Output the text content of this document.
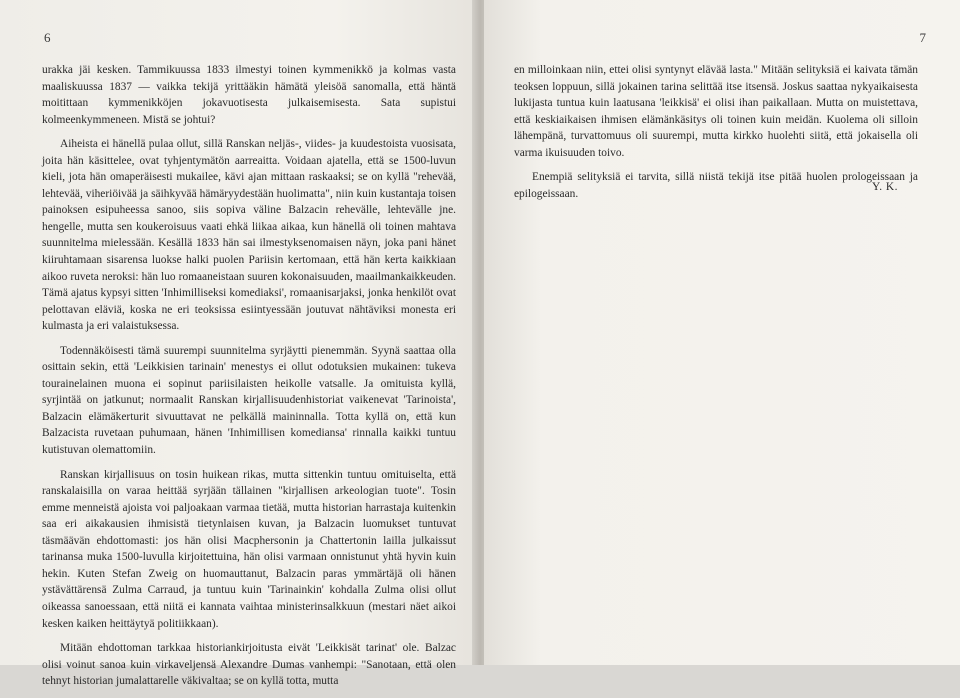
6

urakka jäi kesken. Tammikuussa 1833 ilmestyi toinen kymmenikkö ja kolmas vasta maaliskuussa 1837 — vaikka tekijä yrittääkin hämätä yleisöä sanomalla, että häntä moitittaan kymmenikköjen jokavuotisesta julkaisemisesta. Sata supistui kolmeenkymmeneen. Mistä se johtui?

Aiheista ei hänellä pulaa ollut, sillä Ranskan neljäs-, viides- ja kuudestoista vuosisata, joita hän käsittelee, ovat tyhjentymätön aarreaitta. Voidaan ajatella, että se 1500-luvun kieli, jota hän omaperäisesti mukailee, kävi ajan mittaan raskaaksi; se on kyllä "rehevää, lehtevää, viheriöivää ja säihkyvää hämäryydestään huolimatta", niin kuin kustantaja toisen painoksen esipuheessa sanoo, siis sopiva väline Balzacin rehevälle, lehtevälle jne. hengelle, mutta sen koukeroisuus vaati ehkä liikaa aikaa, kun hänellä oli toinen mahtava suunnitelma mielessään. Kesällä 1833 hän sai ilmestyksenomaisen näyn, joka pani hänet kiiruhtamaan sisarensa luokse halki puolen Pariisin kertomaan, että hän kerta kaikkiaan aikoo ruveta neroksi: hän luo romaaneistaan suuren kokonaisuuden, maailmankaikkeuden. Tämä ajatus kypsyi sitten 'Inhimilliseksi komediaksi', romaanisarjaksi, jonka henkilöt ovat pelottavan eläviä, koska ne eri teoksissa esiintyessään joutuvat nähtäviksi monesta eri kulmasta ja eri valaistuksessa.

Todennäköisesti tämä suurempi suunnitelma syrjäytti pienemmän. Syynä saattaa olla osittain sekin, että 'Leikkisien tarinain' menestys ei ollut odotuksien mukainen: tukeva tourainelainen muona ei sopinut pariisilaisten heikolle vatsalle. Ja omituista kyllä, syrjintää on jatkunut; normaalit Ranskan kirjallisuudenhistoriat vaikenevat 'Tarinoista', Balzacin elämäkerturit sivuuttavat ne pelkällä maininnalla. Totta kyllä on, että kun Balzacista ruvetaan puhumaan, hänen 'Inhimillisen komediansa' rinnalla kaikki tuntuu kutistuvan olemattomiin.

Ranskan kirjallisuus on tosin huikean rikas, mutta sittenkin tuntuu omituiselta, että ranskalaisilla on varaa heittää syrjään tällainen "kirjallisen arkeologian tuote". Tosin emme menneistä ajoista voi paljoakaan varmaa tietää, mutta historian harrastaja kuitenkin saa eri aikakausien ihmisistä tietynlaisen kuvan, ja Balzacin luomukset tuntuvat täsmäävän ehdottomasti: jos hän olisi Macphersonin ja Chattertonin lailla julkaissut tarinansa muka 1500-luvulla kirjoitettuina, hän olisi varmaan onnistunut yhtä hyvin kuin hekin. Kuten Stefan Zweig on huomauttanut, Balzacin paras ymmärtäjä oli hänen ystävättärensä Zulma Carraud, ja tuntuu kuin 'Tarinainkin' kohdalla Zulma olisi ollut oikeassa sanoessaan, että niitä ei kannata vaihtaa ministerinsalkkuun (mestari näet aikoi kesken kaiken heittäytyä politiikkaan).

Mitään ehdottoman tarkkaa historiankirjoitusta eivät 'Leikkisät tarinat' ole. Balzac olisi voinut sanoa kuin virkaveljensä Alexandre Dumas vanhempi: "Sanotaan, että olen tehnyt historian jumalattarelle väkivaltaa; se on kyllä totta, mutta

7

en milloinkaan niin, ettei olisi syntynyt elävää lasta." Mitään selityksiä ei kaivata tämän teoksen loppuun, sillä jokainen tarina selittää itse itsensä. Joskus saattaa nykyaikaisesta lukijasta tuntua kuin laatusana 'leikkisä' ei olisi ihan paikallaan. Mutta on muistettava, että keskiaikaisen ihmisen elämänkäsitys oli toinen kuin meidän. Kuolema oli silloin lähempänä, turvattomuus oli suurempi, mutta kirkko huolehti siitä, että jokaisella oli varma ikuisuuden toivo.

Enempiä selityksiä ei tarvita, sillä niistä tekijä itse pitää huolen prologeissaan ja epilogeissaan.

Y. K.
